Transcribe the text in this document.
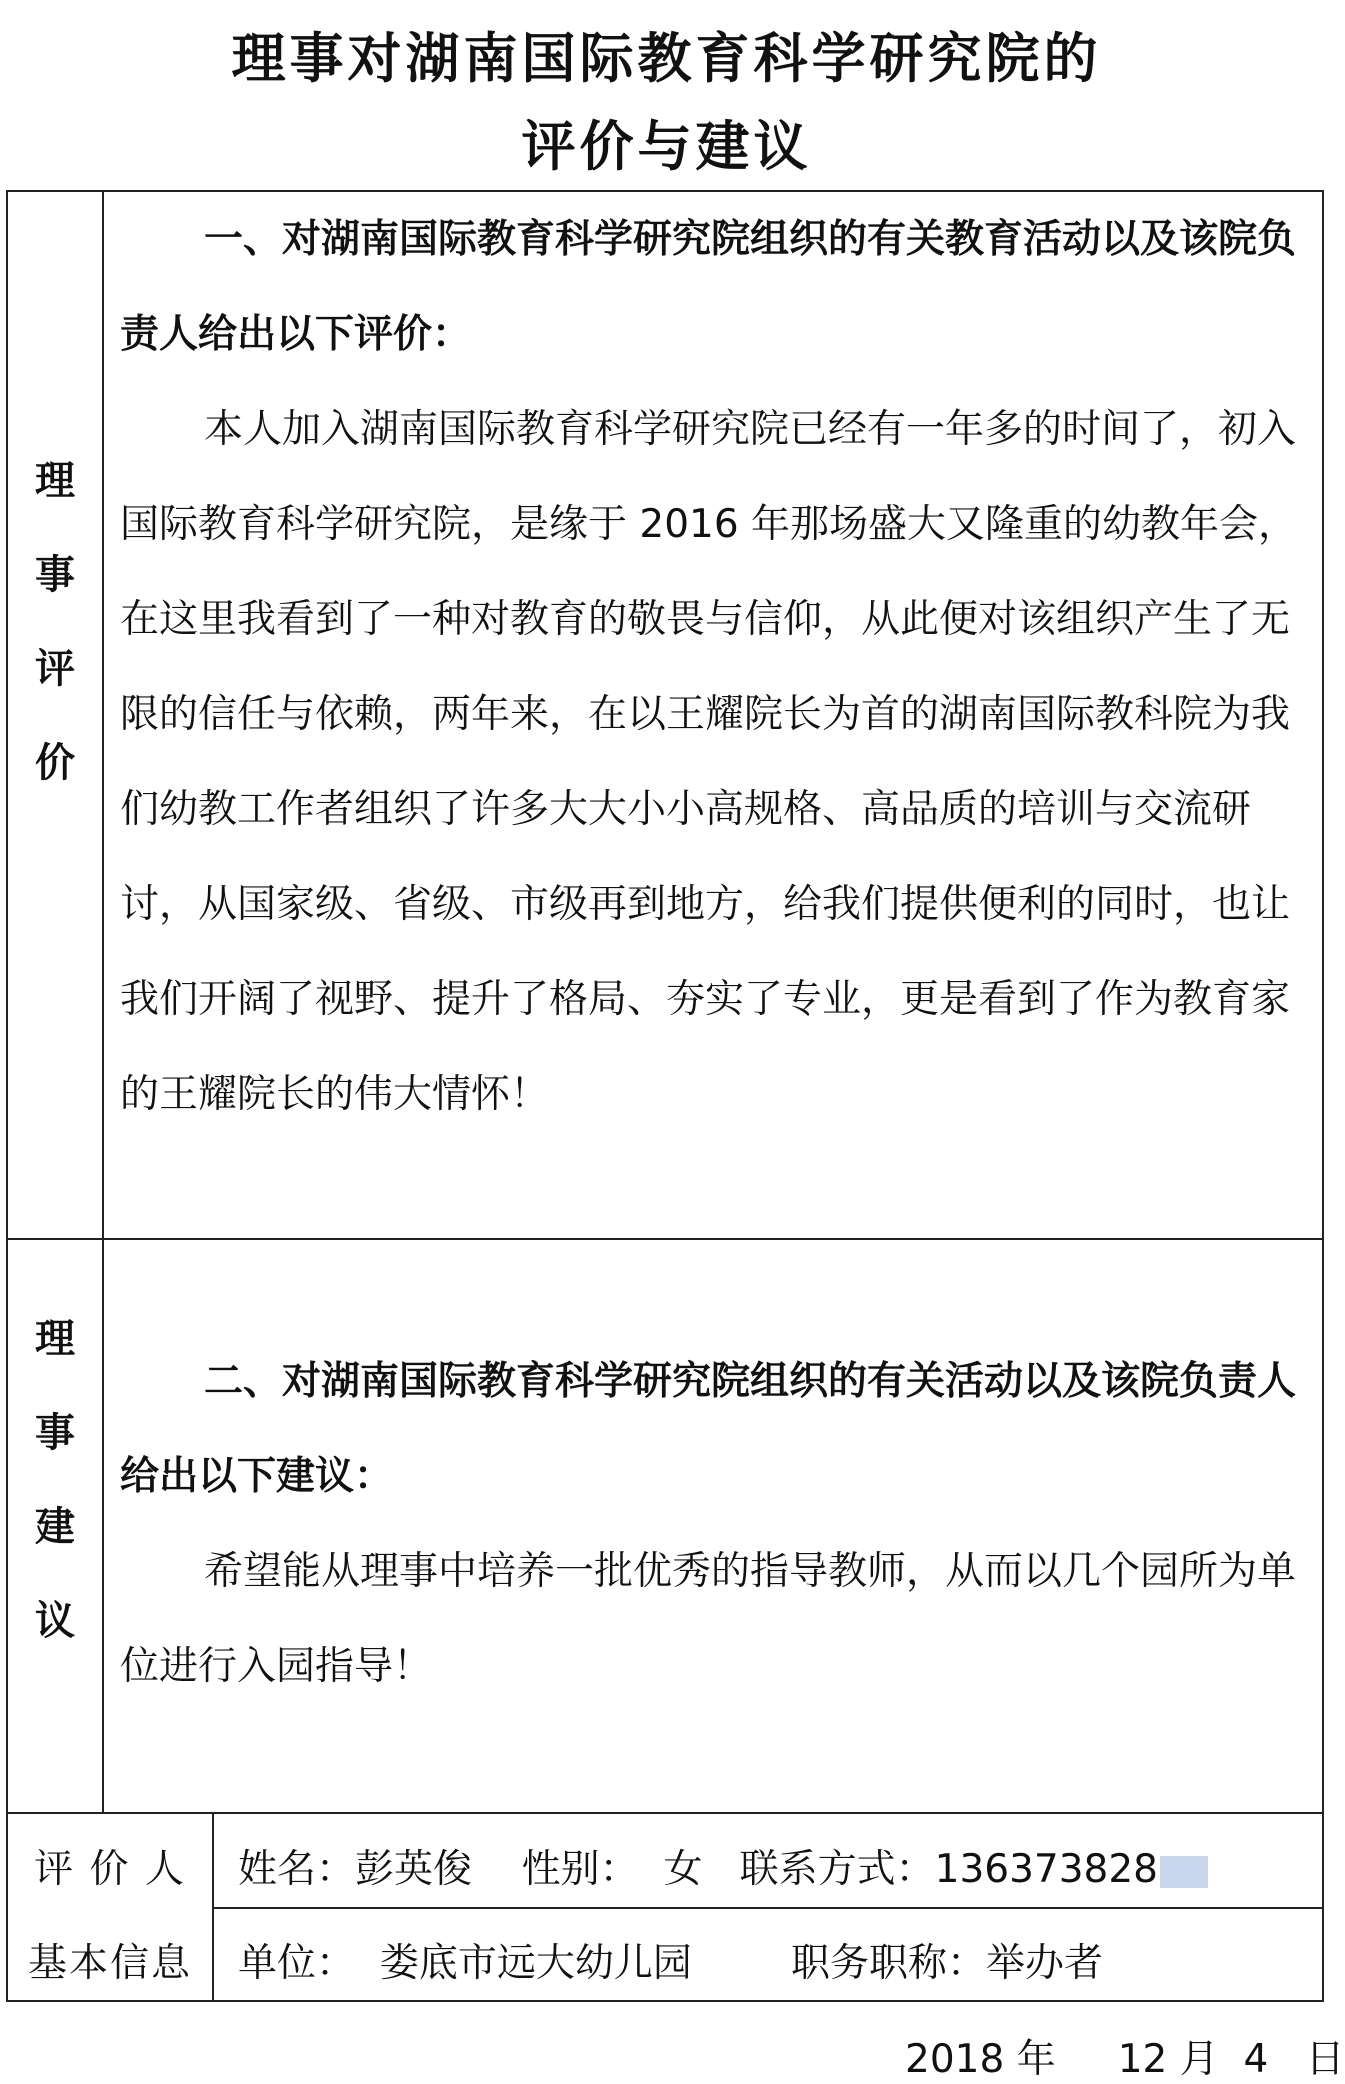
理事对湖南国际教育科学研究院的
评价与建议
理
事
评
价

一、对湖南国际教育科学研究院组织的有关教育活动以及该院负责人给出以下评价：

本人加入湖南国际教育科学研究院已经有一年多的时间了，初入国际教育科学研究院，是缘于 2016 年那场盛大又隆重的幼教年会，在这里我看到了一种对教育的敬畏与信仰，从此便对该组织产生了无限的信任与依赖，两年来，在以王耀院长为首的湖南国际教科院为我们幼教工作者组织了许多大大小小高规格、高品质的培训与交流研讨，从国家级、省级、市级再到地方，给我们提供便利的同时，也让我们开阔了视野、提升了格局、夯实了专业，更是看到了作为教育家的王耀院长的伟大情怀！

理
事
建
议

二、对湖南国际教育科学研究院组织的有关活动以及该院负责人给出以下建议：

希望能从理事中培养一批优秀的指导教师，从而以几个园所为单位进行入园指导！

评 价 人
基本信息
姓名：彭英俊 性别： 女 联系方式：136373828
单位： 娄底市远大幼儿园	职务职称：举办者
2018 年 12 月 4 日
